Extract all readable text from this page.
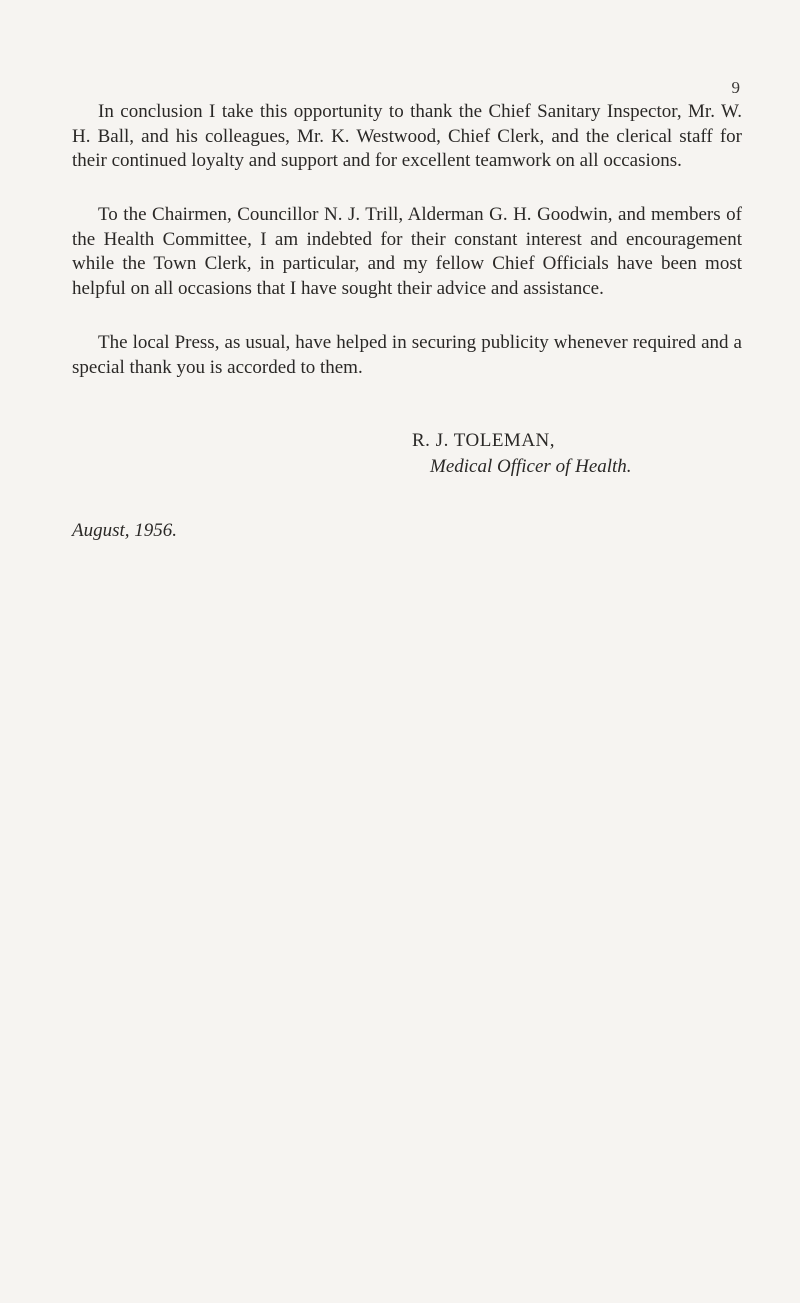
9

In conclusion I take this opportunity to thank the Chief Sanitary Inspector, Mr. W. H. Ball, and his colleagues, Mr. K. Westwood, Chief Clerk, and the clerical staff for their continued loyalty and support and for excellent teamwork on all occasions.

To the Chairmen, Councillor N. J. Trill, Alderman G. H. Goodwin, and members of the Health Committee, I am indebted for their constant interest and encouragement while the Town Clerk, in particular, and my fellow Chief Officials have been most helpful on all occasions that I have sought their advice and assistance.

The local Press, as usual, have helped in securing publicity whenever required and a special thank you is accorded to them.

R. J. TOLEMAN,
Medical Officer of Health.
August, 1956.
